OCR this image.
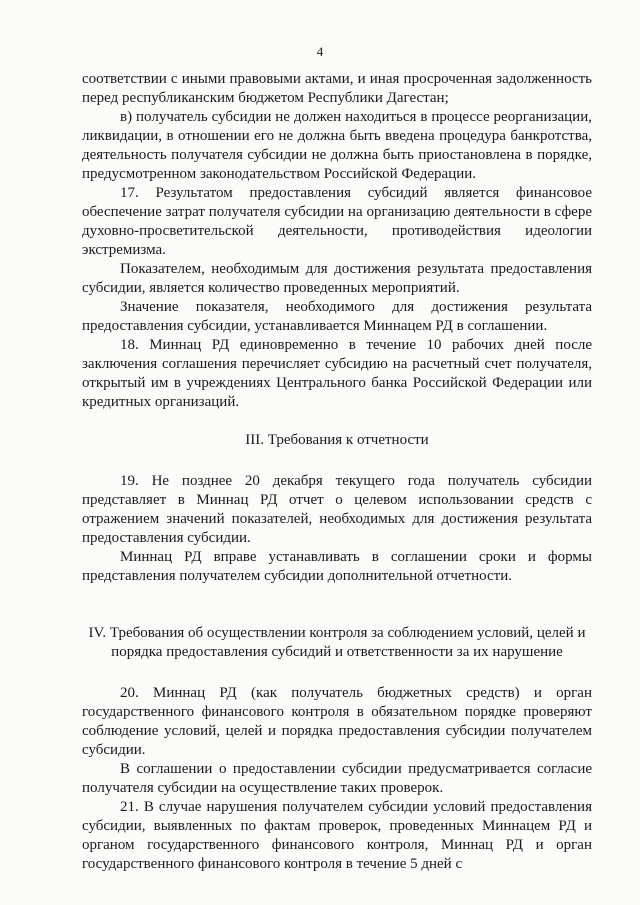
4

соответствии с иными правовыми актами, и иная просроченная задолженность перед республиканским бюджетом Республики Дагестан;

в) получатель субсидии не должен находиться в процессе реорганизации, ликвидации, в отношении его не должна быть введена процедура банкротства, деятельность получателя субсидии не должна быть приостановлена в порядке, предусмотренном законодательством Российской Федерации.

17. Результатом предоставления субсидий является финансовое обеспечение затрат получателя субсидии на организацию деятельности в сфере духовно-просветительской деятельности, противодействия идеологии экстремизма.

Показателем, необходимым для достижения результата предоставления субсидии, является количество проведенных мероприятий.

Значение показателя, необходимого для достижения результата предоставления субсидии, устанавливается Миннацем РД в соглашении.

18. Миннац РД единовременно в течение 10 рабочих дней после заключения соглашения перечисляет субсидию на расчетный счет получателя, открытый им в учреждениях Центрального банка Российской Федерации или кредитных организаций.

III. Требования к отчетности

19. Не позднее 20 декабря текущего года получатель субсидии представляет в Миннац РД отчет о целевом использовании средств с отражением значений показателей, необходимых для достижения результата предоставления субсидии.

Миннац РД вправе устанавливать в соглашении сроки и формы представления получателем субсидии дополнительной отчетности.

IV. Требования об осуществлении контроля за соблюдением условий, целей и порядка предоставления субсидий и ответственности за их нарушение

20. Миннац РД (как получатель бюджетных средств) и орган государственного финансового контроля в обязательном порядке проверяют соблюдение условий, целей и порядка предоставления субсидии получателем субсидии.

В соглашении о предоставлении субсидии предусматривается согласие получателя субсидии на осуществление таких проверок.

21. В случае нарушения получателем субсидии условий предоставления субсидии, выявленных по фактам проверок, проведенных Миннацем РД и органом государственного финансового контроля, Миннац РД и орган государственного финансового контроля в течение 5 дней с
